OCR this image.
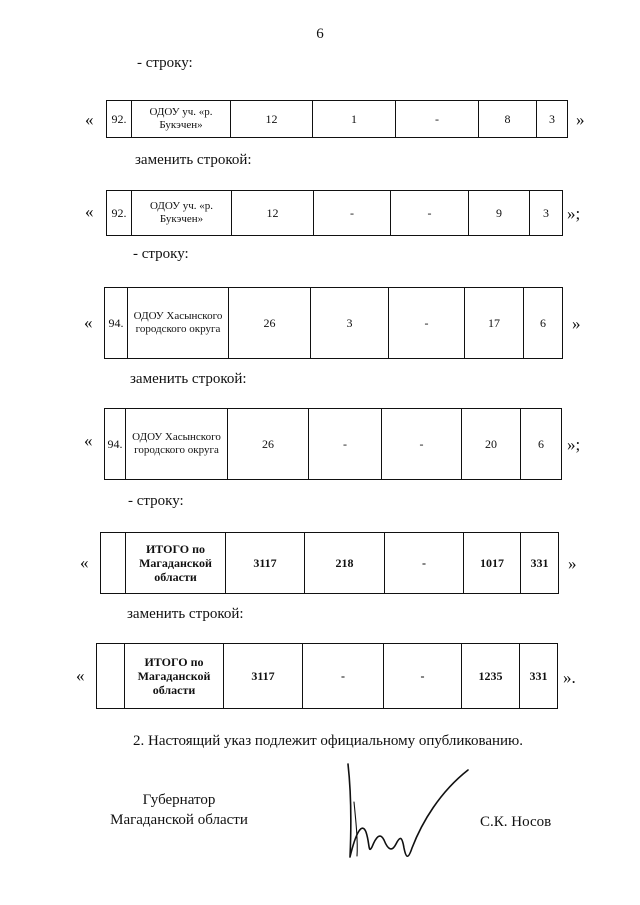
6
- строку:
« 92.	ОДОУ уч. «р. Букэчен»	12	1	-	8	3 »
заменить строкой:
« 92.	ОДОУ уч. «р. Букэчен»	12	-	-	9	3 »;
- строку:
« 94.	ОДОУ Хасынского городского округа	26	3	-	17	6 »
заменить строкой:
« 94.	ОДОУ Хасынского городского округа	26	-	-	20	6 »;
- строку:
«
	ИТОГО по Магаданской области	3117	218	-	1017	331 »
заменить строкой:
«
	ИТОГО по Магаданской области	3117	-	-	1235	331 ».
2. Настоящий указ подлежит официальному опубликованию.
Губернатор
Магаданской области	С.К. Носов
